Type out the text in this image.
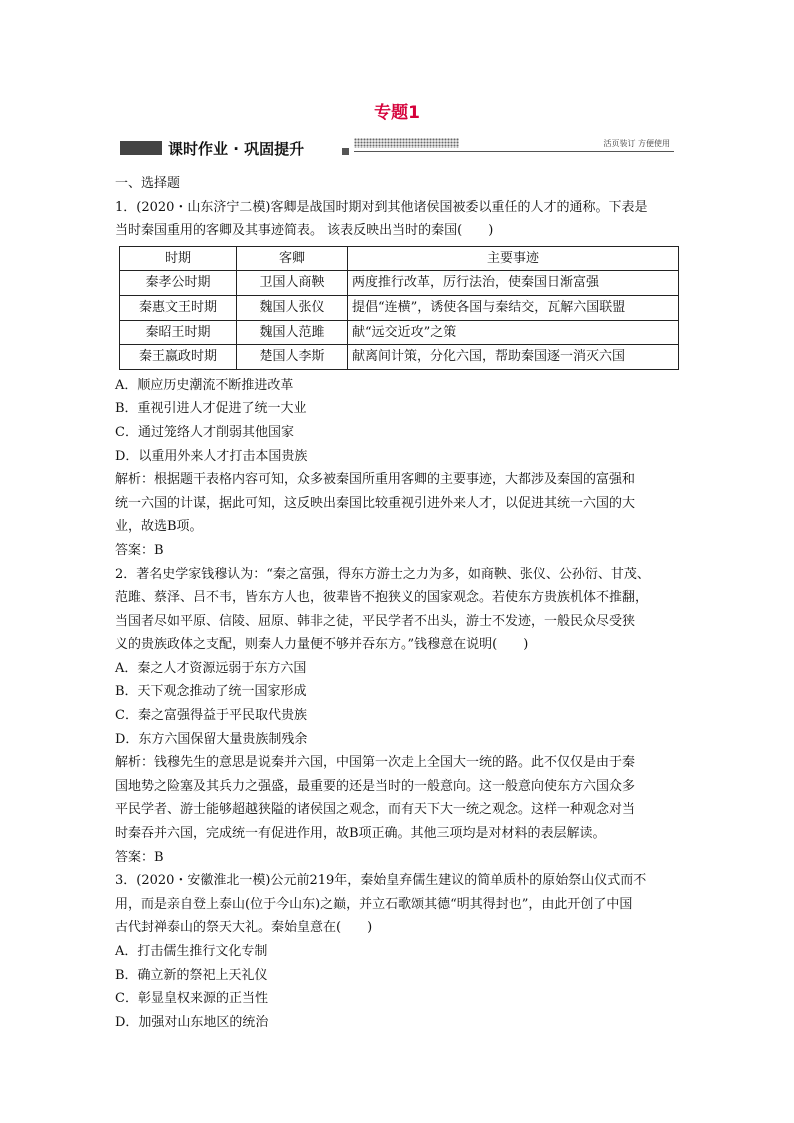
专题1
课时作业 · 巩固提升	活页装订 方便使用

一、选择题

1．(2020・山东济宁二模)客卿是战国时期对到其他诸侯国被委以重任的人才的通称。下表是

当时秦国重用的客卿及其事迹简表。 该表反映出当时的秦国(　　)

时期	客卿	主要事迹
秦孝公时期	卫国人商鞅	两度推行改革，厉行法治，使秦国日渐富强
秦惠文王时期	魏国人张仪	提倡“连横”，诱使各国与秦结交，瓦解六国联盟
秦昭王时期	魏国人范雎	献“远交近攻”之策
秦王嬴政时期	楚国人李斯	献离间计策，分化六国，帮助秦国逐一消灭六国

A．顺应历史潮流不断推进改革

B．重视引进人才促进了统一大业

C．通过笼络人才削弱其他国家

D．以重用外来人才打击本国贵族

解析：根据题干表格内容可知，众多被秦国所重用客卿的主要事迹，大都涉及秦国的富强和

统一六国的计谋，据此可知，这反映出秦国比较重视引进外来人才，以促进其统一六国的大

业，故选B项。

答案：B

2．著名史学家钱穆认为：“秦之富强，得东方游士之力为多，如商鞅、张仪、公孙衍、甘茂、

范雎、蔡泽、吕不韦，皆东方人也，彼辈皆不抱狭义的国家观念。若使东方贵族机体不推翻，

当国者尽如平原、信陵、屈原、韩非之徒，平民学者不出头，游士不发迹，一般民众尽受狭

义的贵族政体之支配，则秦人力量便不够并吞东方。”钱穆意在说明(　　)

A．秦之人才资源远弱于东方六国

B．天下观念推动了统一国家形成

C．秦之富强得益于平民取代贵族

D．东方六国保留大量贵族制残余

解析：钱穆先生的意思是说秦并六国，中国第一次走上全国大一统的路。此不仅仅是由于秦

国地势之险塞及其兵力之强盛，最重要的还是当时的一般意向。这一般意向使东方六国众多

平民学者、游士能够超越狭隘的诸侯国之观念，而有天下大一统之观念。这样一种观念对当

时秦吞并六国，完成统一有促进作用，故B项正确。其他三项均是对材料的表层解读。

答案：B

3．(2020・安徽淮北一模)公元前219年，秦始皇弃儒生建议的简单质朴的原始祭山仪式而不

用，而是亲自登上泰山(位于今山东)之巅，并立石歌颂其德“明其得封也”，由此开创了中国

古代封禅泰山的祭天大礼。秦始皇意在(　　)

A．打击儒生推行文化专制

B．确立新的祭祀上天礼仪

C．彰显皇权来源的正当性

D．加强对山东地区的统治
